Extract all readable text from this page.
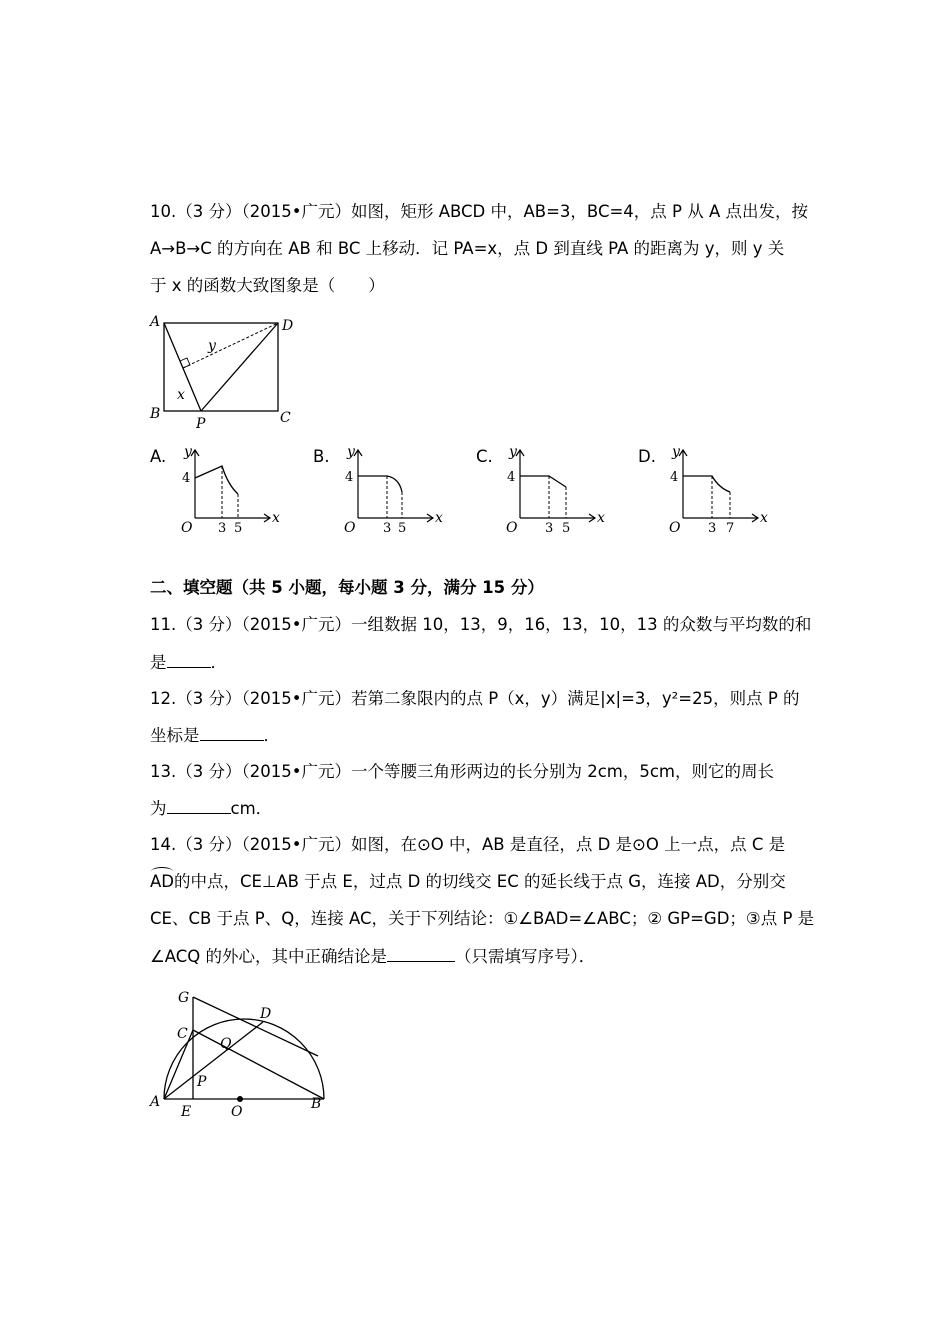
10.（3 分）（2015•广元）如图，矩形 ABCD 中，AB=3，BC=4，点 P 从 A 点出发，按
A→B→C 的方向在 AB 和 BC 上移动．记 PA=x，点 D 到直线 PA 的距离为 y，则 y 关
于 x 的函数大致图象是（　　）
A	D
B	C
P
x
y
A. y
4
O 3 5
x
B. y
4
O 3 5
x
C. y
4
O 3 5
x
D. y
4
O 3 7
x
二、填空题（共 5 小题，每小题 3 分，满分 15 分）
11.（3 分）（2015•广元）一组数据 10，13，9，16，13，10，13 的众数与平均数的和
是	．
12.（3 分）（2015•广元）若第二象限内的点 P（x，y）满足|x|=3，y²=25，则点 P 的
坐标是	．
13.（3 分）（2015•广元）一个等腰三角形两边的长分别为 2cm，5cm，则它的周长
为	cm．
14.（3 分）（2015•广元）如图，在⊙O 中，AB 是直径，点 D 是⊙O 上一点，点 C 是
AD的中点，CE⊥AB 于点 E，过点 D 的切线交 EC 的延长线于点 G，连接 AD，分别交
CE、CB 于点 P、Q，连接 AC，关于下列结论：①∠BAD=∠ABC；② GP=GD；③点 P 是
∠ACQ 的外心，其中正确结论是	（只需填写序号）．
G
C
D
Q
P
A
E	O	B
